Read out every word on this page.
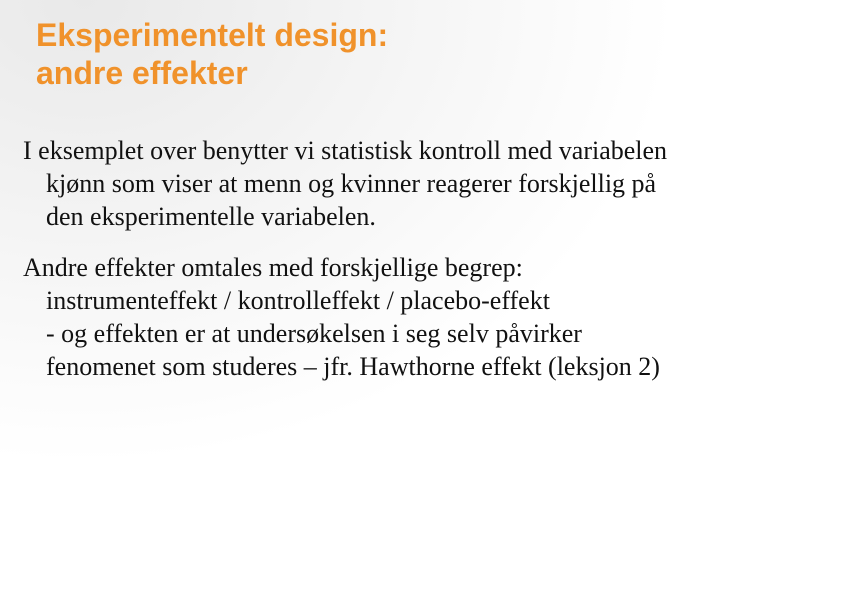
Eksperimentelt design:
andre effekter

I eksemplet over benytter vi statistisk kontroll med variabelen
kjønn som viser at menn og kvinner reagerer forskjellig på
den eksperimentelle variabelen.

Andre effekter omtales med forskjellige begrep:
instrumenteffekt / kontrolleffekt / placebo-effekt
- og effekten er at undersøkelsen i seg selv påvirker
fenomenet som studeres – jfr. Hawthorne effekt (leksjon 2)
